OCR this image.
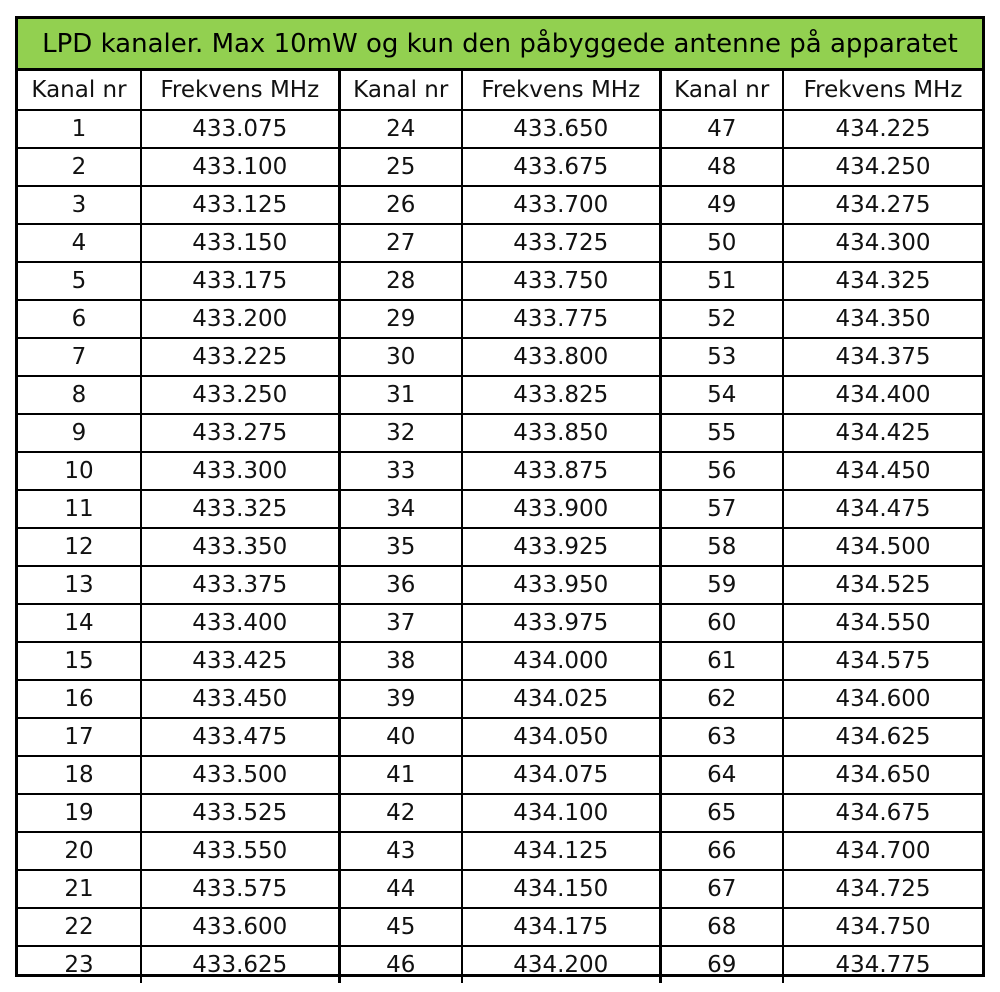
LPD kanaler. Max 10mW og kun den påbyggede antenne på apparatet
Kanal nr	Frekvens MHz	Kanal nr	Frekvens MHz	Kanal nr	Frekvens MHz
1	433.075	24	433.650	47	434.225
2	433.100	25	433.675	48	434.250
3	433.125	26	433.700	49	434.275
4	433.150	27	433.725	50	434.300
5	433.175	28	433.750	51	434.325
6	433.200	29	433.775	52	434.350
7	433.225	30	433.800	53	434.375
8	433.250	31	433.825	54	434.400
9	433.275	32	433.850	55	434.425
10	433.300	33	433.875	56	434.450
11	433.325	34	433.900	57	434.475
12	433.350	35	433.925	58	434.500
13	433.375	36	433.950	59	434.525
14	433.400	37	433.975	60	434.550
15	433.425	38	434.000	61	434.575
16	433.450	39	434.025	62	434.600
17	433.475	40	434.050	63	434.625
18	433.500	41	434.075	64	434.650
19	433.525	42	434.100	65	434.675
20	433.550	43	434.125	66	434.700
21	433.575	44	434.150	67	434.725
22	433.600	45	434.175	68	434.750
23	433.625	46	434.200	69	434.775
